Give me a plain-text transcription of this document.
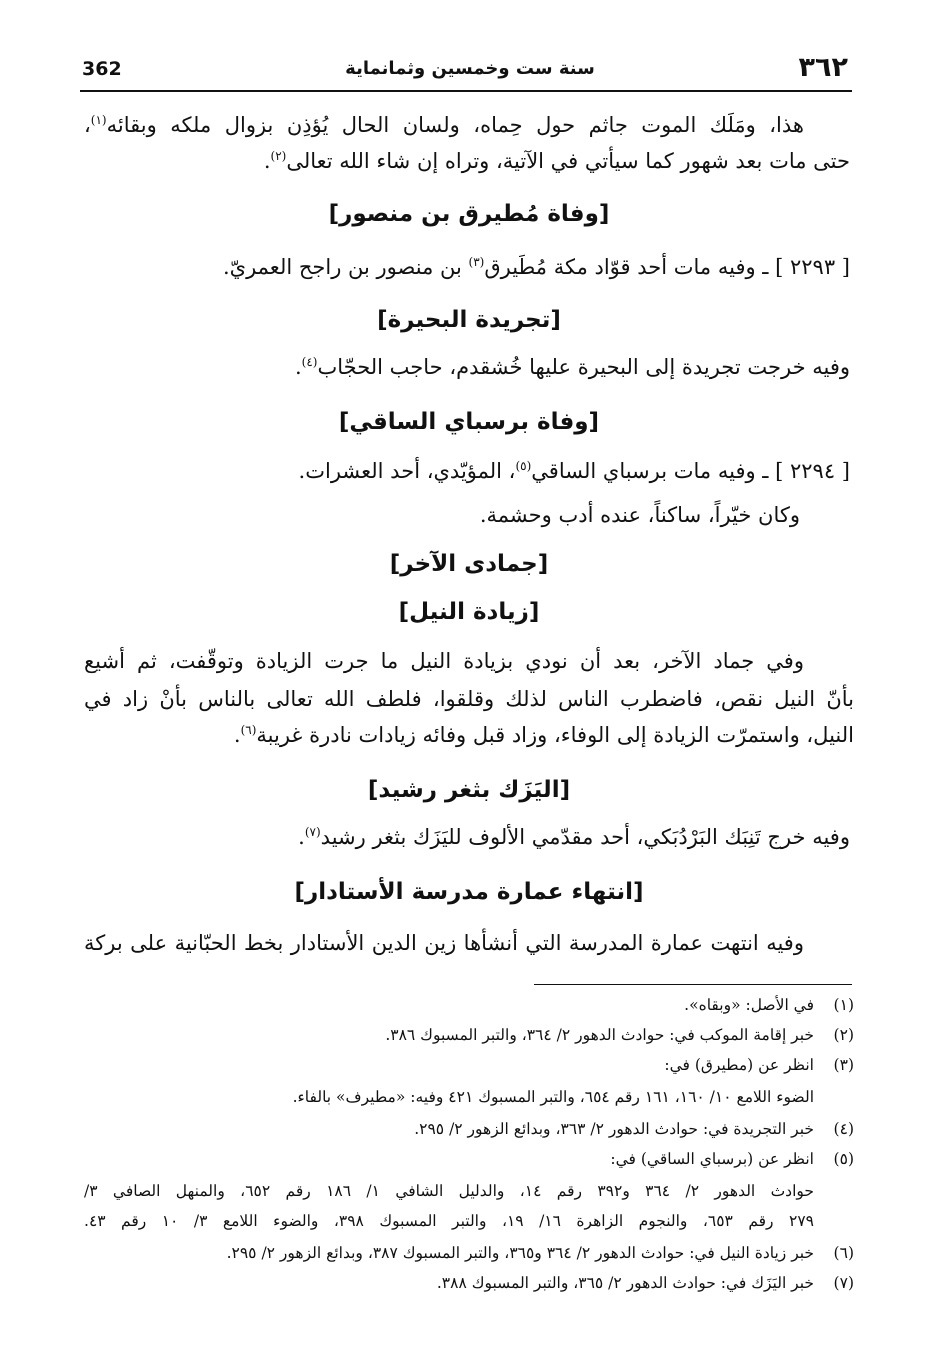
٣٦٢
سنة ست وخمسين وثمانماية
362
هذا، ومَلَك الموت جاثم حول حِماه، ولسان الحال يُؤذِن بزوال ملكه وبقائه$^{(١)}$،
حتى مات بعد شهور كما سيأتي في الآتية، وتراه إن شاء الله تعالى$^{(٢)}$.
[وفاة مُطيرق بن منصور]
[ ٢٢٩٣ ] ـ وفيه مات أحد قوّاد مكة مُطَيرق$^{(٣)}$ بن منصور بن راجح العمريّ.
[تجريدة البحيرة]
وفيه خرجت تجريدة إلى البحيرة عليها خُشقدم، حاجب الحجّاب$^{(٤)}$.
[وفاة برسباي الساقي]
[ ٢٢٩٤ ] ـ وفيه مات برسباي الساقي$^{(٥)}$، المؤيّدي، أحد العشرات.
وكان خيّراً، ساكناً، عنده أدب وحشمة.
[جمادى الآخر]
[زيادة النيل]
وفي جماد الآخر، بعد أن نودي بزيادة النيل ما جرت الزيادة وتوقّفت، ثم أشيع
بأنّ النيل نقص، فاضطرب الناس لذلك وقلقوا، فلطف الله تعالى بالناس بأنْ زاد في
النيل، واستمرّت الزيادة إلى الوفاء، وزاد قبل وفائه زيادات نادرة غريبة$^{(٦)}$.
[اليَزَك بثغر رشيد]
وفيه خرج تَنِبَك البَرْدُبَكي، أحد مقدّمي الألوف لليَزَك بثغر رشيد$^{(٧)}$.
[انتهاء عمارة مدرسة الأستادار]
وفيه انتهت عمارة المدرسة التي أنشأها زين الدين الأستادار بخط الحبّانية على بركة
(١)في الأصل: «وبقاه».
(٢)خبر إقامة الموكب في: حوادث الدهور ٢/ ٣٦٤، والتبر المسبوك ٣٨٦.
(٣)انظر عن (مطيرق) في:
الضوء اللامع ١٠/ ١٦٠، ١٦١ رقم ٦٥٤، والتبر المسبوك ٤٢١ وفيه: «مطيرف» بالفاء.
(٤)خبر التجريدة في: حوادث الدهور ٢/ ٣٦٣، وبدائع الزهور ٢/ ٢٩٥.
(٥)انظر عن (برسباي الساقي) في:
حوادث الدهور ٢/ ٣٦٤ و٣٩٢ رقم ١٤، والدليل الشافي ١/ ١٨٦ رقم ٦٥٢، والمنهل الصافي ٣/
٢٧٩ رقم ٦٥٣، والنجوم الزاهرة ١٦/ ١٩، والتبر المسبوك ٣٩٨، والضوء اللامع ٣/ ١٠ رقم ٤٣.
(٦)خبر زيادة النيل في: حوادث الدهور ٢/ ٣٦٤ و٣٦٥، والتبر المسبوك ٣٨٧، وبدائع الزهور ٢/ ٢٩٥.
(٧)خبر اليَزَك في: حوادث الدهور ٢/ ٣٦٥، والتبر المسبوك ٣٨٨.
